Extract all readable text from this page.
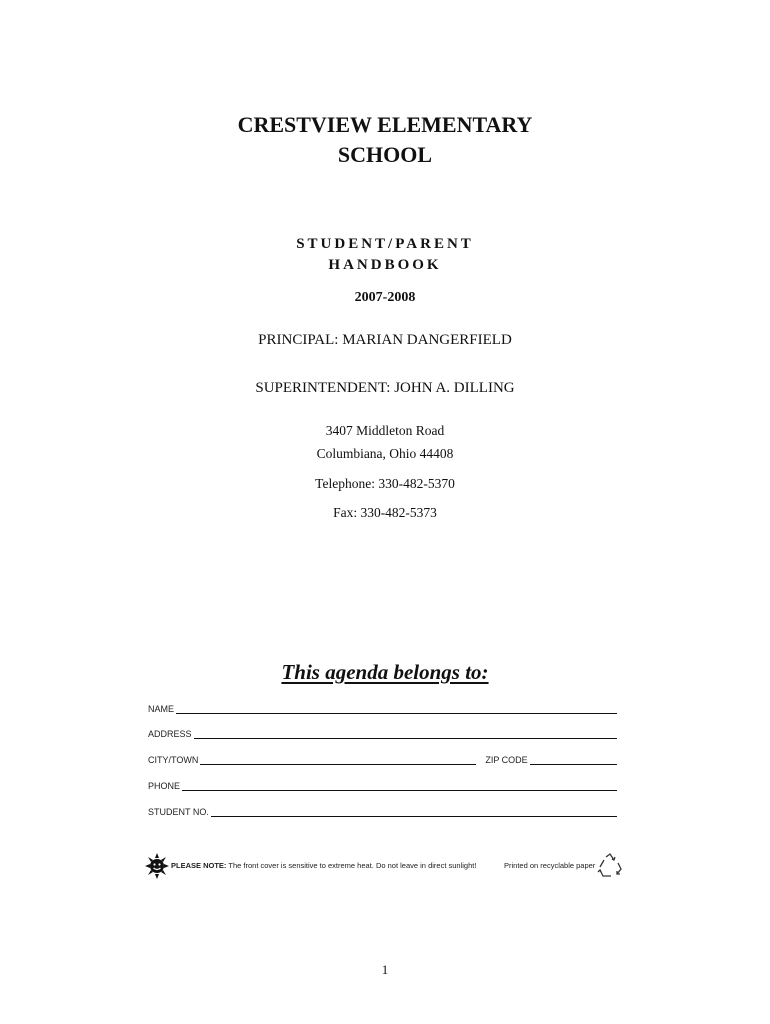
CRESTVIEW ELEMENTARY
SCHOOL
STUDENT/PARENT
HANDBOOK
2007-2008
PRINCIPAL: MARIAN DANGERFIELD
SUPERINTENDENT: JOHN A. DILLING
3407 Middleton Road
Columbiana, Ohio 44408
Telephone: 330-482-5370
Fax: 330-482-5373
This agenda belongs to:
NAME
ADDRESS
CITY/TOWN	ZIP CODE
PHONE
STUDENT NO.
PLEASE NOTE: The front cover is sensitive to extreme heat. Do not leave in direct sunlight!	Printed on recyclable paper
1
